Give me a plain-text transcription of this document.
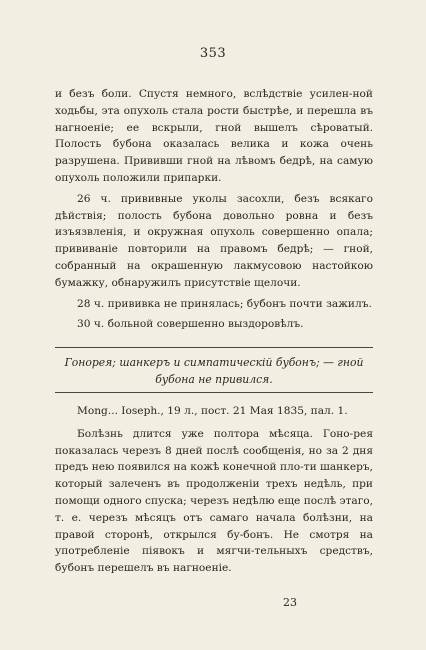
353

и безъ боли. Спустя немного, вслѣдствіе усилен-ной ходьбы, эта опухоль стала рости быстрѣе, и перешла въ нагноеніе; ее вскрыли, гной вышелъ сѣроватый. Полость бубона оказалась велика и кожа очень разрушена. Прививши гной на лѣвомъ бедрѣ, на самую опухоль положили припарки.

26 ч. прививные уколы засохли, безъ всякаго дѣйствія; полость бубона довольно ровна и безъ изъязвленія, и окружная опухоль совершенно опала; прививаніе повторили на правомъ бедрѣ; — гной, собранный на окрашенную лакмусовою настойкою бумажку, обнаружилъ присутствіе щелочи.

28 ч. прививка не принялась; бубонъ почти зажилъ.

30 ч. больной совершенно выздоровѣлъ.

Гонорея; шанкеръ и симпатическій бубонъ; — гной бубона не привился.

Mong... Ioseph., 19 л., пост. 21 Мая 1835, пал. 1.

Болѣзнь длится уже полтора мѣсяца. Гоно-рея показалась черезъ 8 дней послѣ сообщенія, но за 2 дня предъ нею появился на кожѣ конечной пло-ти шанкеръ, который залеченъ въ продолженіи трехъ недѣль, при помощи одного спуска; черезъ недѣлю еще послѣ этаго, т. е. черезъ мѣсяцъ отъ самаго начала болѣзни, на правой сторонѣ, открылся бу-бонъ. Не смотря на употребленіе піявокъ и мягчи-тельныхъ средствъ, бубонъ перешелъ въ нагноеніе.

23
